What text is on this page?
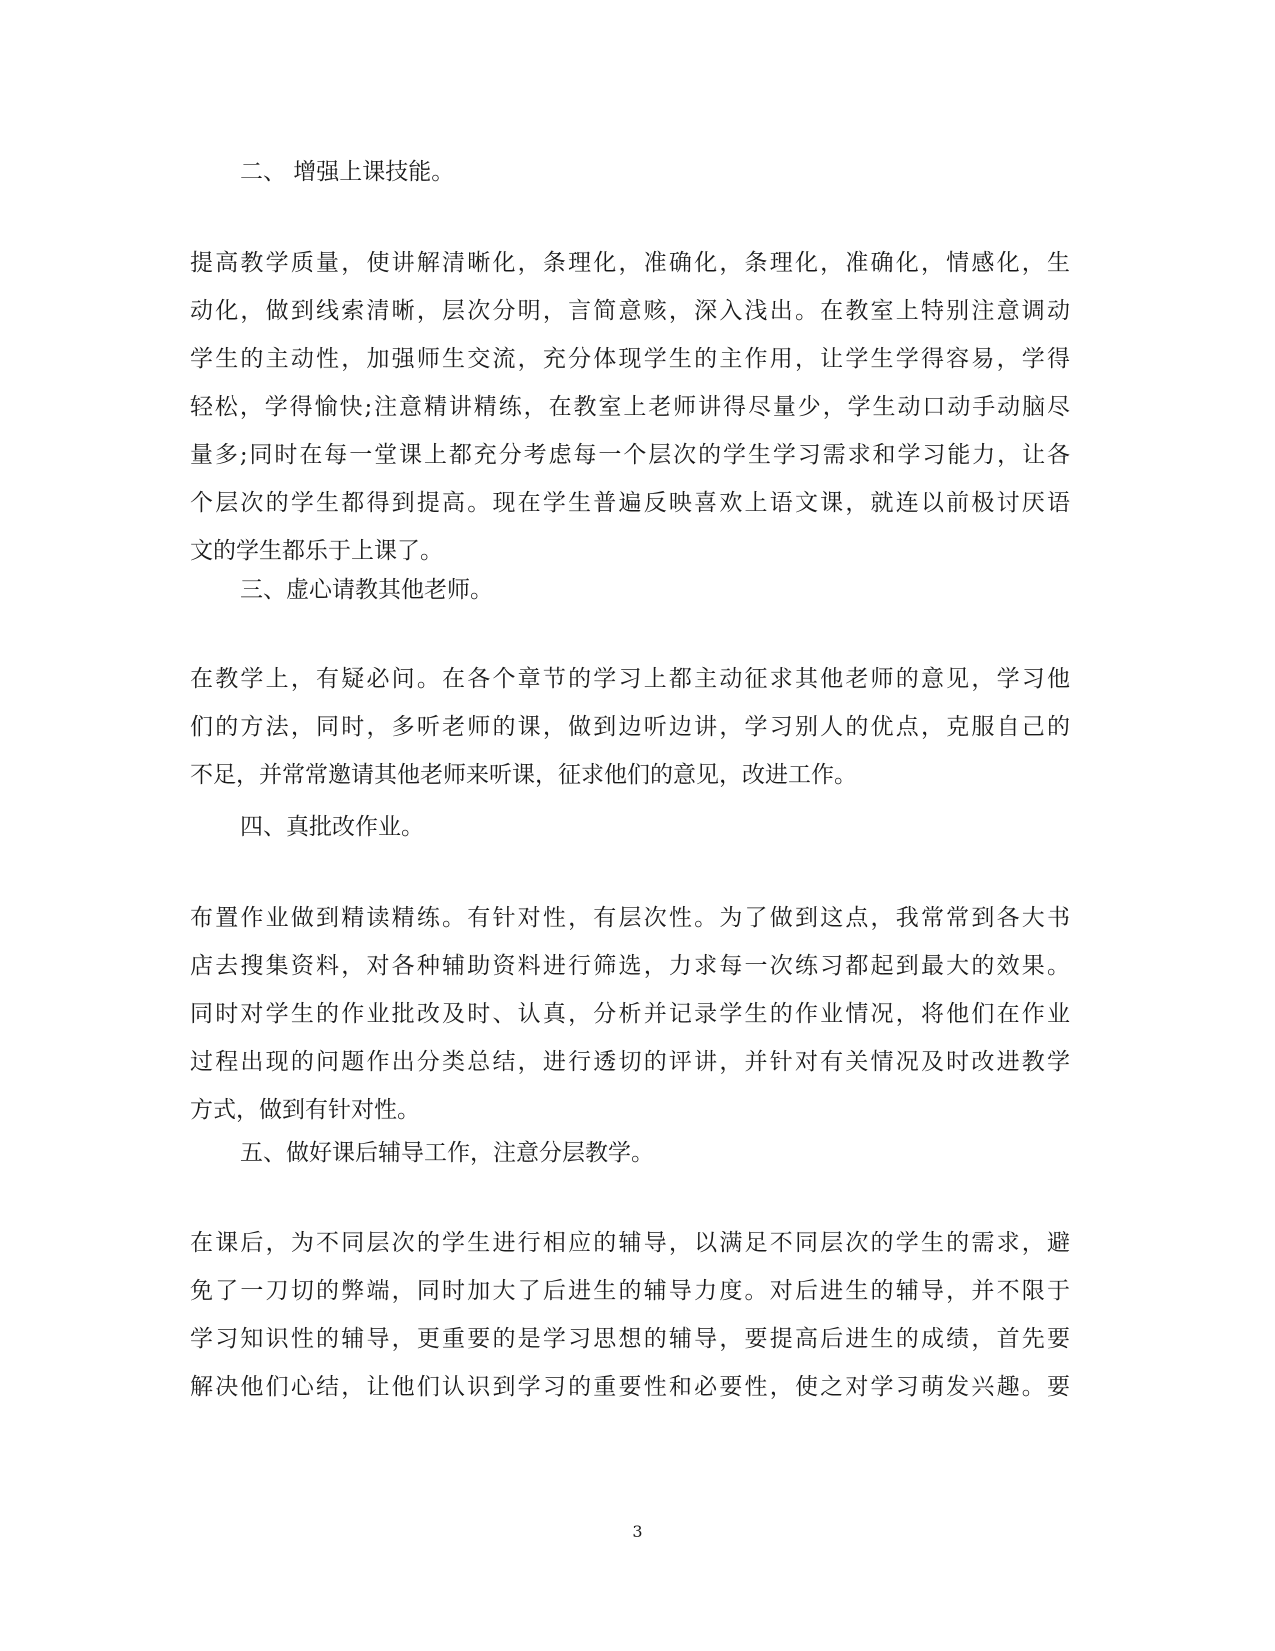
二、 增强上课技能。
提高教学质量，使讲解清晰化，条理化，准确化，条理化，准确化，情感化，生
动化，做到线索清晰，层次分明，言简意赅，深入浅出。在教室上特别注意调动
学生的主动性，加强师生交流，充分体现学生的主作用，让学生学得容易，学得
轻松，学得愉快;注意精讲精练，在教室上老师讲得尽量少，学生动口动手动脑尽
量多;同时在每一堂课上都充分考虑每一个层次的学生学习需求和学习能力，让各
个层次的学生都得到提高。现在学生普遍反映喜欢上语文课，就连以前极讨厌语
文的学生都乐于上课了。
三、虚心请教其他老师。
在教学上，有疑必问。在各个章节的学习上都主动征求其他老师的意见，学习他
们的方法，同时，多听老师的课，做到边听边讲，学习别人的优点，克服自己的
不足，并常常邀请其他老师来听课，征求他们的意见，改进工作。
四、真批改作业。
布置作业做到精读精练。有针对性，有层次性。为了做到这点，我常常到各大书
店去搜集资料，对各种辅助资料进行筛选，力求每一次练习都起到最大的效果。
同时对学生的作业批改及时、认真，分析并记录学生的作业情况，将他们在作业
过程出现的问题作出分类总结，进行透切的评讲，并针对有关情况及时改进教学
方式，做到有针对性。
五、做好课后辅导工作，注意分层教学。
在课后，为不同层次的学生进行相应的辅导，以满足不同层次的学生的需求，避
免了一刀切的弊端，同时加大了后进生的辅导力度。对后进生的辅导，并不限于
学习知识性的辅导，更重要的是学习思想的辅导，要提高后进生的成绩，首先要
解决他们心结，让他们认识到学习的重要性和必要性，使之对学习萌发兴趣。要
3
